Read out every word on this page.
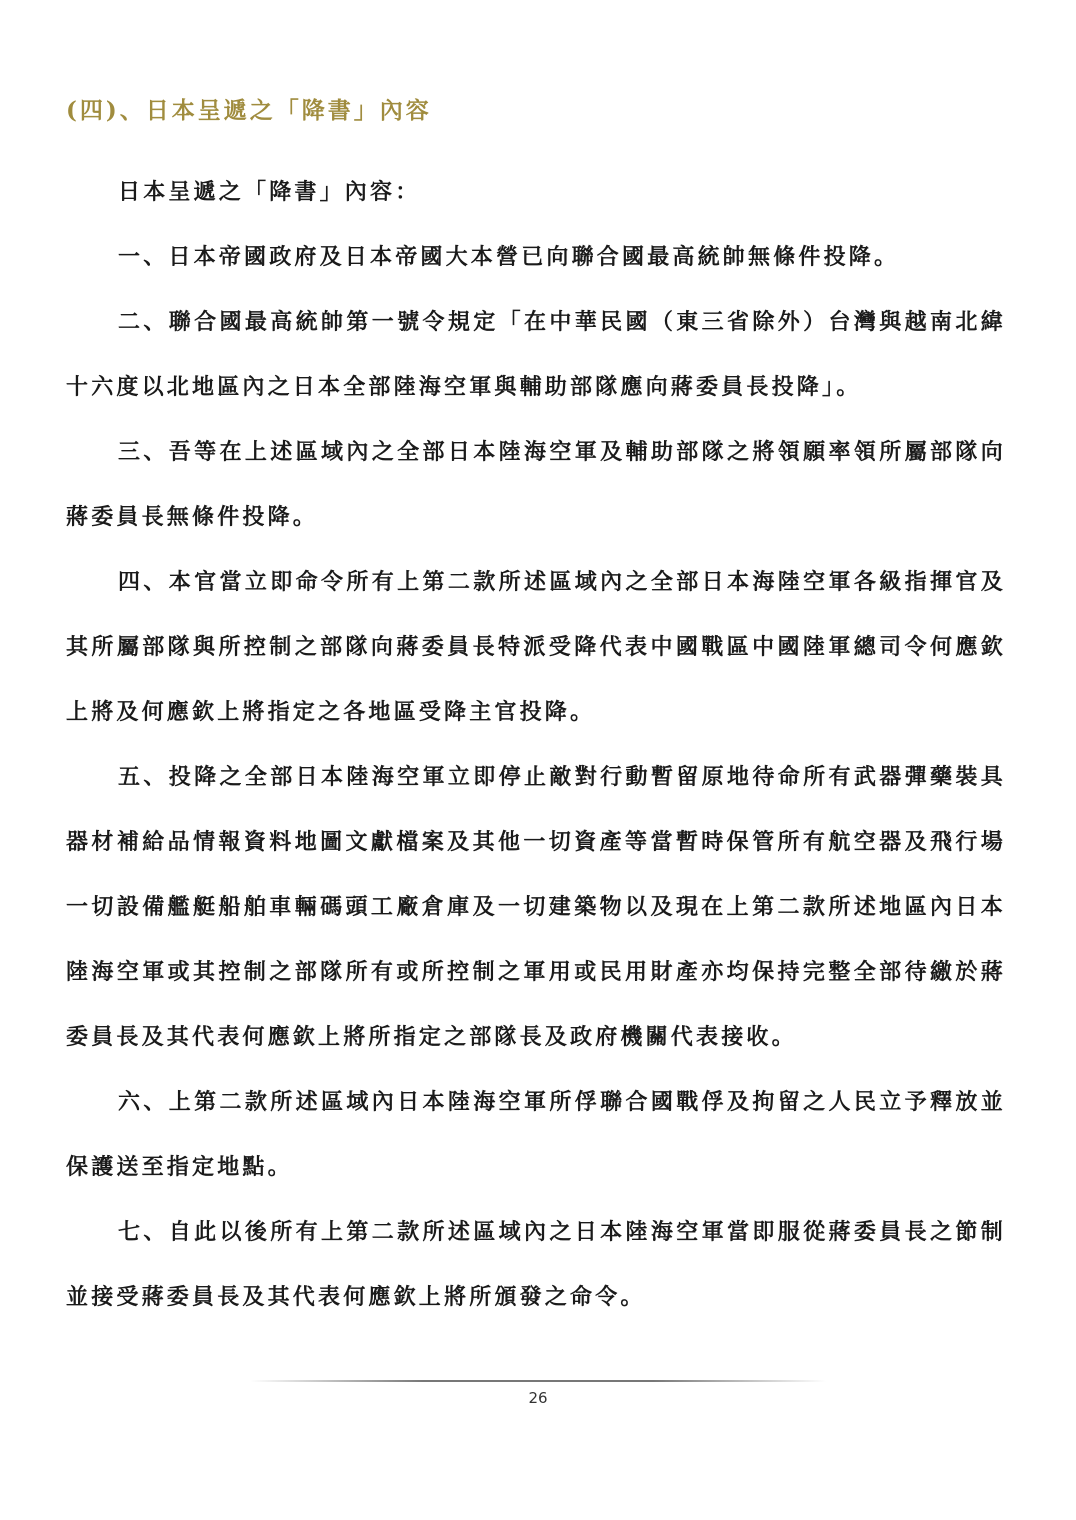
(四)、日本呈遞之「降書」內容

日本呈遞之「降書」內容：

一、日本帝國政府及日本帝國大本營已向聯合國最高統帥無條件投降。

二、聯合國最高統帥第一號令規定「在中華民國（東三省除外）台灣與越南北緯十六度以北地區內之日本全部陸海空軍與輔助部隊應向蔣委員長投降」。

三、吾等在上述區域內之全部日本陸海空軍及輔助部隊之將領願率領所屬部隊向蔣委員長無條件投降。

四、本官當立即命令所有上第二款所述區域內之全部日本海陸空軍各級指揮官及其所屬部隊與所控制之部隊向蔣委員長特派受降代表中國戰區中國陸軍總司令何應欽上將及何應欽上將指定之各地區受降主官投降。

五、投降之全部日本陸海空軍立即停止敵對行動暫留原地待命所有武器彈藥裝具器材補給品情報資料地圖文獻檔案及其他一切資產等當暫時保管所有航空器及飛行場一切設備艦艇船舶車輛碼頭工廠倉庫及一切建築物以及現在上第二款所述地區內日本陸海空軍或其控制之部隊所有或所控制之軍用或民用財產亦均保持完整全部待繳於蔣委員長及其代表何應欽上將所指定之部隊長及政府機關代表接收。

六、上第二款所述區域內日本陸海空軍所俘聯合國戰俘及拘留之人民立予釋放並保護送至指定地點。

七、自此以後所有上第二款所述區域內之日本陸海空軍當即服從蔣委員長之節制並接受蔣委員長及其代表何應欽上將所頒發之命令。

26
